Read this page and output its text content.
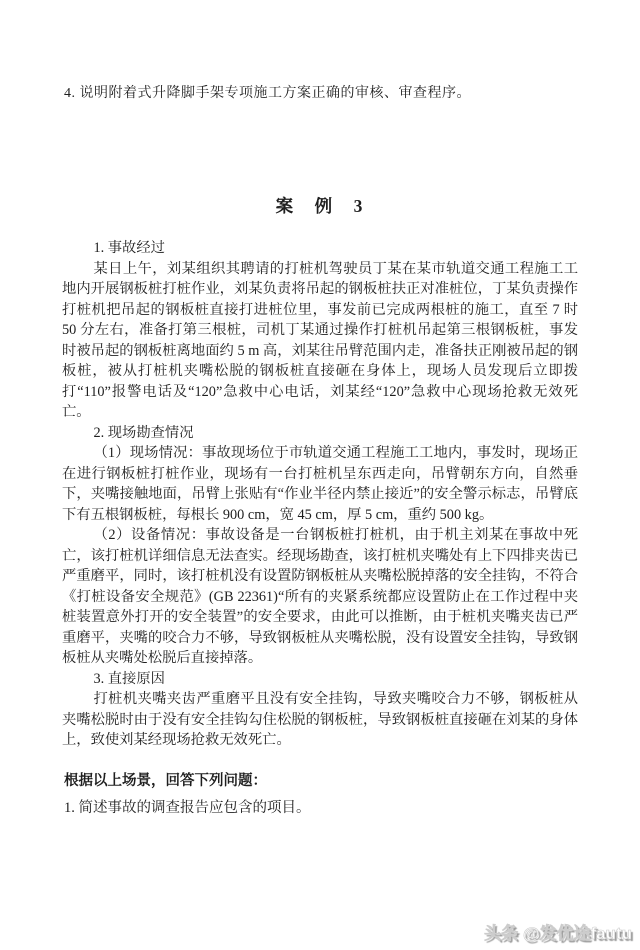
4. 说明附着式升降脚手架专项施工方案正确的审核、审查程序。

案　例　3

1. 事故经过

某日上午，刘某组织其聘请的打桩机驾驶员丁某在某市轨道交通工程施工工地内开展钢板桩打桩作业，刘某负责将吊起的钢板桩扶正对准桩位，丁某负责操作打桩机把吊起的钢板桩直接打进桩位里，事发前已完成两根桩的施工，直至 7 时 50 分左右，准备打第三根桩，司机丁某通过操作打桩机吊起第三根钢板桩，事发时被吊起的钢板桩离地面约 5 m 高，刘某往吊臂范围内走，准备扶正刚被吊起的钢板桩，被从打桩机夹嘴松脱的钢板桩直接砸在身体上，现场人员发现后立即拨打“110”报警电话及“120”急救中心电话，刘某经“120”急救中心现场抢救无效死亡。

2. 现场勘查情况

（1）现场情况：事故现场位于市轨道交通工程施工工地内，事发时，现场正在进行钢板桩打桩作业，现场有一台打桩机呈东西走向，吊臂朝东方向，自然垂下，夹嘴接触地面，吊臂上张贴有“作业半径内禁止接近”的安全警示标志，吊臂底下有五根钢板桩，每根长 900 cm，宽 45 cm，厚 5 cm，重约 500 kg。

（2）设备情况：事故设备是一台钢板桩打桩机，由于机主刘某在事故中死亡，该打桩机详细信息无法查实。经现场勘查，该打桩机夹嘴处有上下四排夹齿已严重磨平，同时，该打桩机没有设置防钢板桩从夹嘴松脱掉落的安全挂钩，不符合《打桩设备安全规范》(GB 22361)“所有的夹紧系统都应设置防止在工作过程中夹桩装置意外打开的安全装置”的安全要求，由此可以推断，由于桩机夹嘴夹齿已严重磨平，夹嘴的咬合力不够，导致钢板桩从夹嘴松脱，没有设置安全挂钩，导致钢板桩从夹嘴处松脱后直接掉落。

3. 直接原因

打桩机夹嘴夹齿严重磨平且没有安全挂钩，导致夹嘴咬合力不够，钢板桩从夹嘴松脱时由于没有安全挂钩勾住松脱的钢板桩，导致钢板桩直接砸在刘某的身体上，致使刘某经现场抢救无效死亡。

根据以上场景，回答下列问题：

1. 简述事故的调查报告应包含的项目。

头条 @发优途fautu
